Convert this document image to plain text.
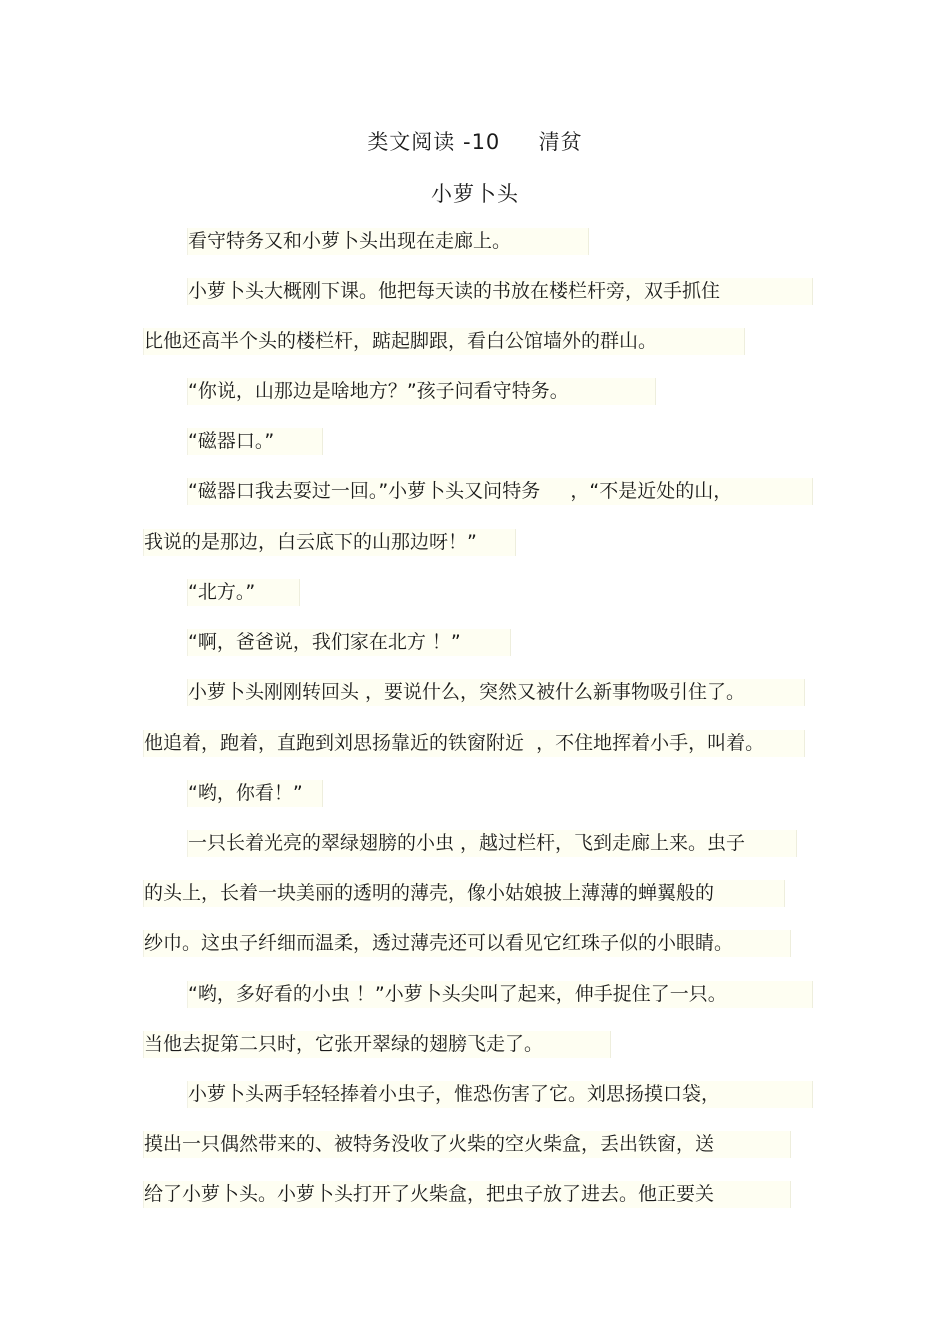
类文阅读 -10     清贫
小萝卜头
看守特务又和小萝卜头出现在走廊上。
小萝卜头大概刚下课。他把每天读的书放在楼栏杆旁，双手抓住
比他还高半个头的楼栏杆，踮起脚跟，看白公馆墙外的群山。
“你说，山那边是啥地方？”孩子问看守特务。
“磁器口。”
“磁器口我去耍过一回。”小萝卜头又问特务     ，“不是近处的山，
我说的是那边，白云底下的山那边呀！”
“北方。”
“啊，爸爸说，我们家在北方 ！”
小萝卜头刚刚转回头 ，要说什么，突然又被什么新事物吸引住了。
他追着，跑着，直跑到刘思扬靠近的铁窗附近  ，不住地挥着小手，叫着。
“哟，你看！”
一只长着光亮的翠绿翅膀的小虫 ，越过栏杆，飞到走廊上来。虫子
的头上，长着一块美丽的透明的薄壳，像小姑娘披上薄薄的蝉翼般的
纱巾。这虫子纤细而温柔，透过薄壳还可以看见它红珠子似的小眼睛。
“哟，多好看的小虫 ！”小萝卜头尖叫了起来，伸手捉住了一只。
当他去捉第二只时，它张开翠绿的翅膀飞走了。
小萝卜头两手轻轻捧着小虫子，惟恐伤害了它。刘思扬摸口袋，
摸出一只偶然带来的、被特务没收了火柴的空火柴盒，丢出铁窗，送
给了小萝卜头。小萝卜头打开了火柴盒，把虫子放了进去。他正要关
